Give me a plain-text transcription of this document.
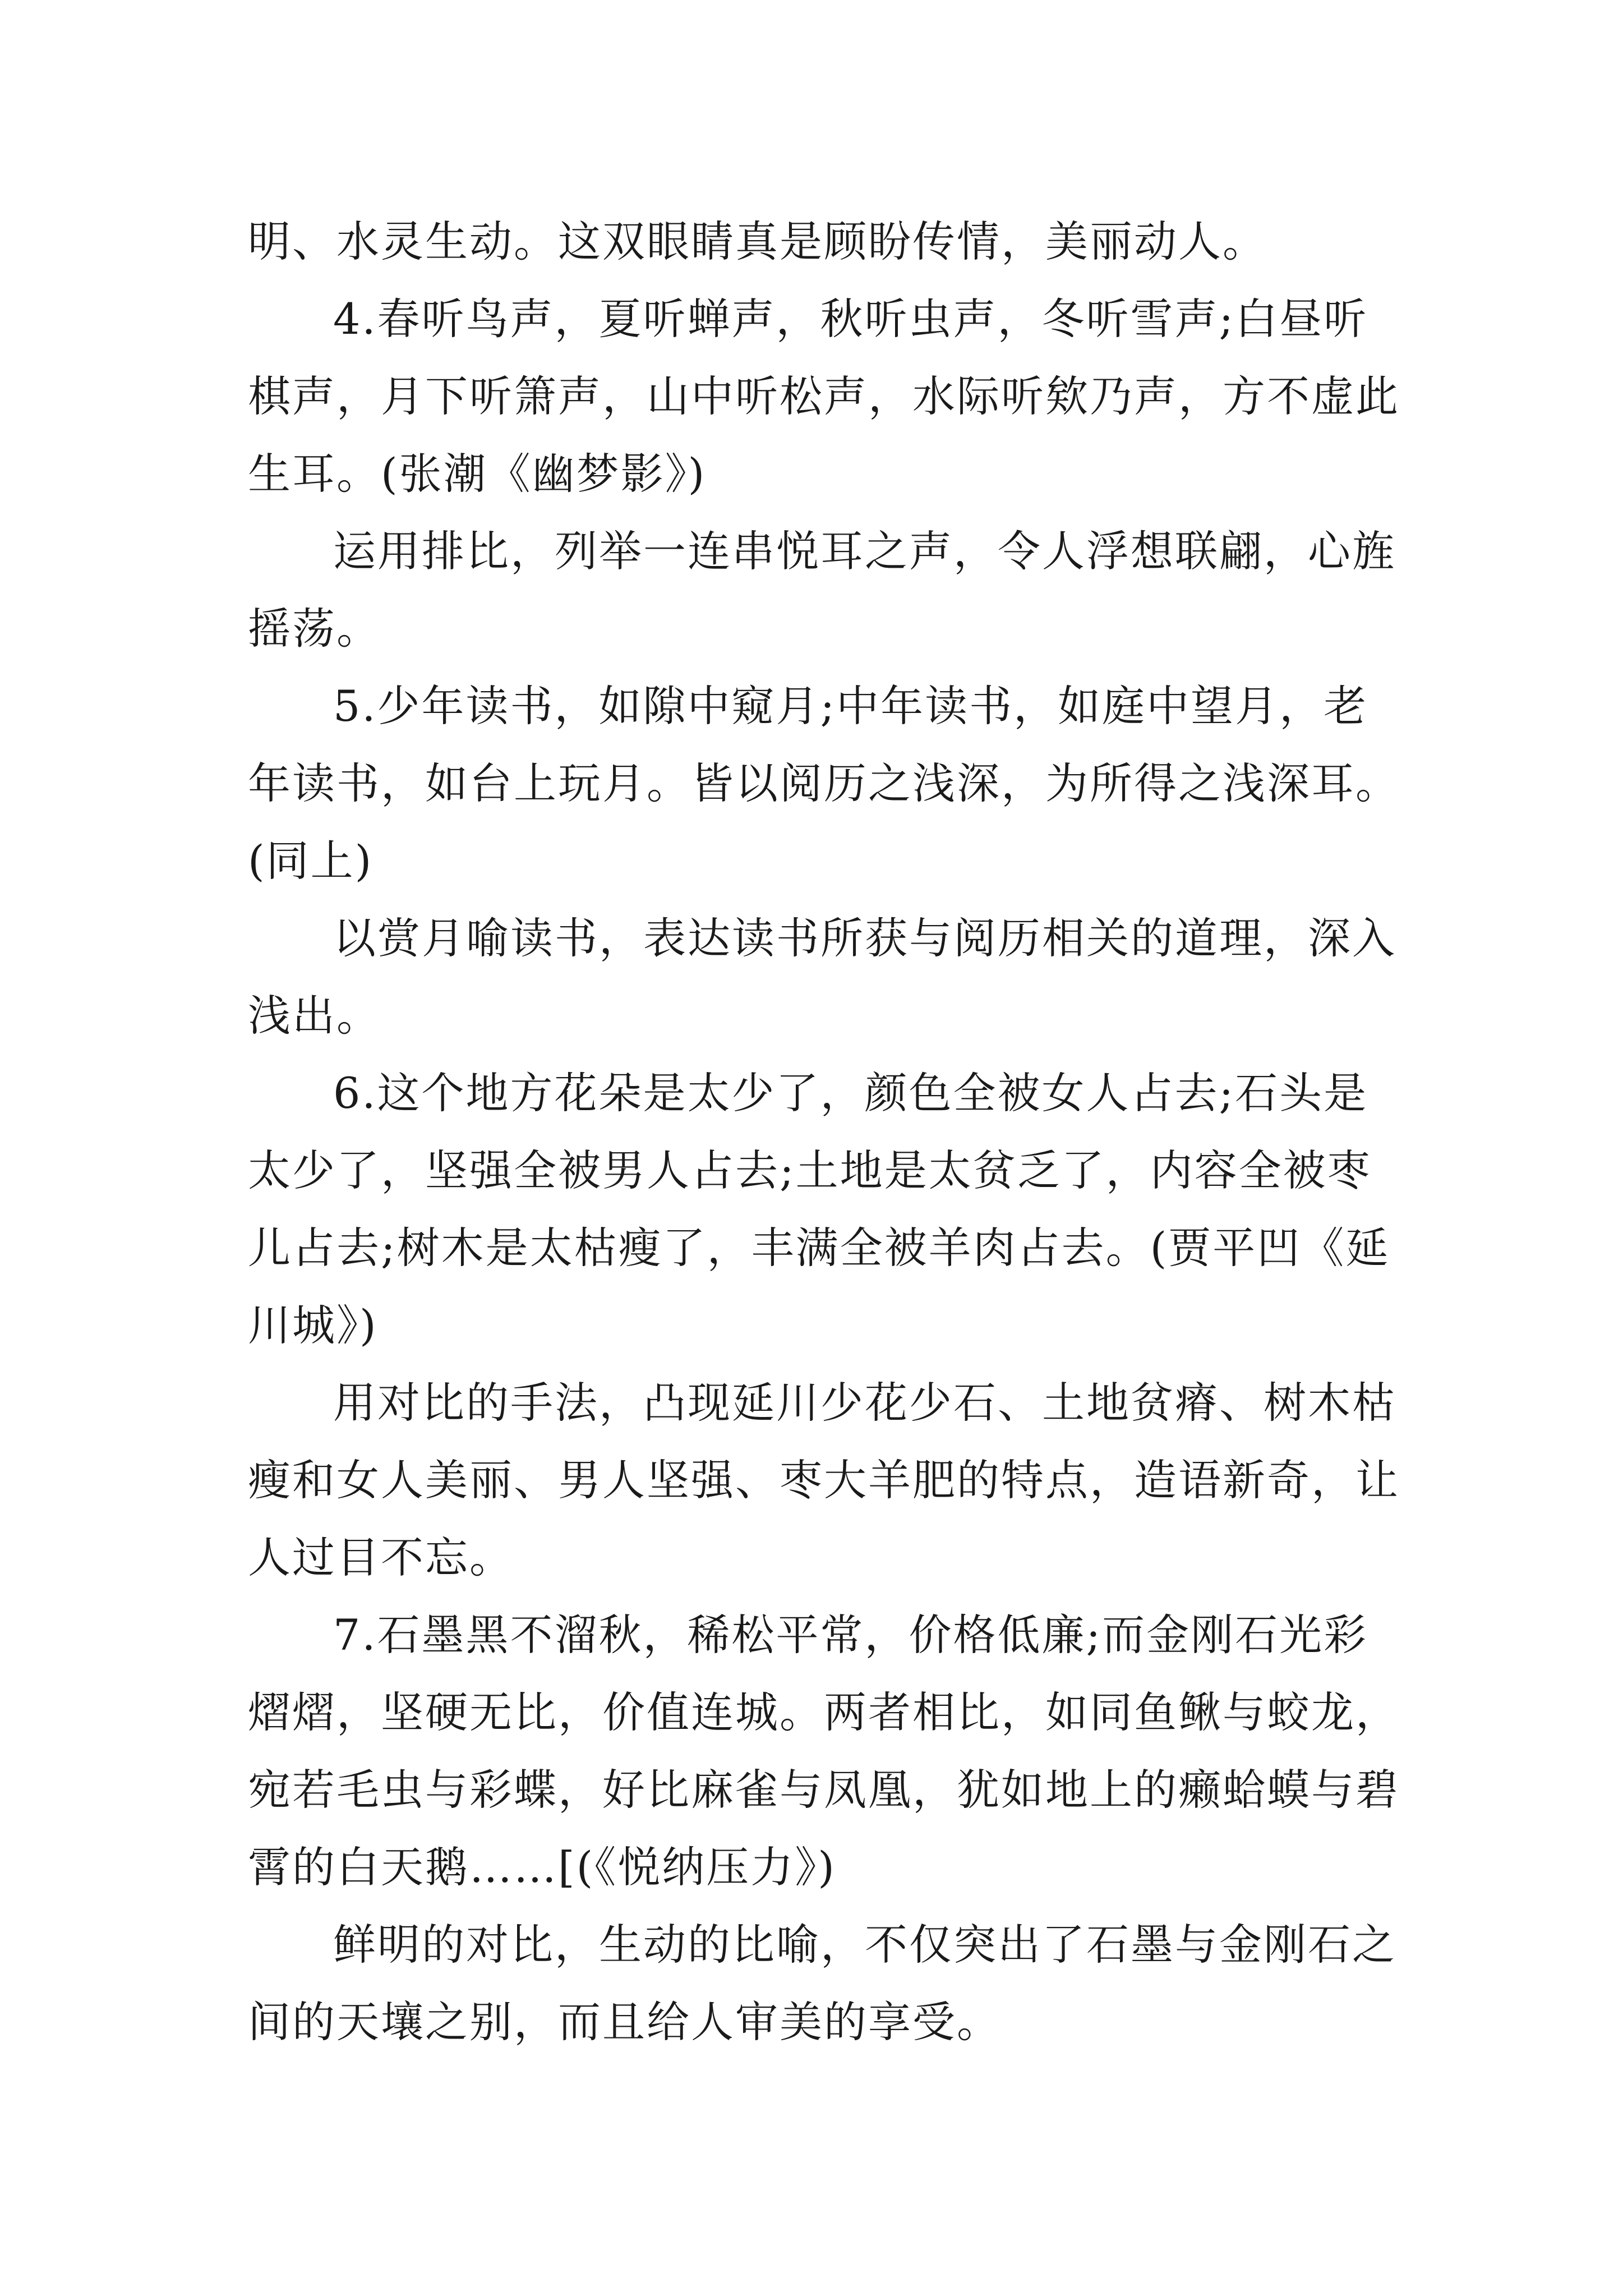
明、水灵生动。这双眼睛真是顾盼传情，美丽动人。
4.春听鸟声，夏听蝉声，秋听虫声，冬听雪声;白昼听
棋声，月下听箫声，山中听松声，水际听欸乃声，方不虚此
生耳。(张潮《幽梦影》)
运用排比，列举一连串悦耳之声，令人浮想联翩，心旌
摇荡。
5.少年读书，如隙中窥月;中年读书，如庭中望月，老
年读书，如台上玩月。皆以阅历之浅深，为所得之浅深耳。
(同上)
以赏月喻读书，表达读书所获与阅历相关的道理，深入
浅出。
6.这个地方花朵是太少了，颜色全被女人占去;石头是
太少了，坚强全被男人占去;土地是太贫乏了，内容全被枣
儿占去;树木是太枯瘦了，丰满全被羊肉占去。(贾平凹《延
川城》)
用对比的手法，凸现延川少花少石、土地贫瘠、树木枯
瘦和女人美丽、男人坚强、枣大羊肥的特点，造语新奇，让
人过目不忘。
7.石墨黑不溜秋，稀松平常，价格低廉;而金刚石光彩
熠熠，坚硬无比，价值连城。两者相比，如同鱼鳅与蛟龙，
宛若毛虫与彩蝶，好比麻雀与凤凰，犹如地上的癞蛤蟆与碧
霄的白天鹅……[(《悦纳压力》)
鲜明的对比，生动的比喻，不仅突出了石墨与金刚石之
间的天壤之别，而且给人审美的享受。
